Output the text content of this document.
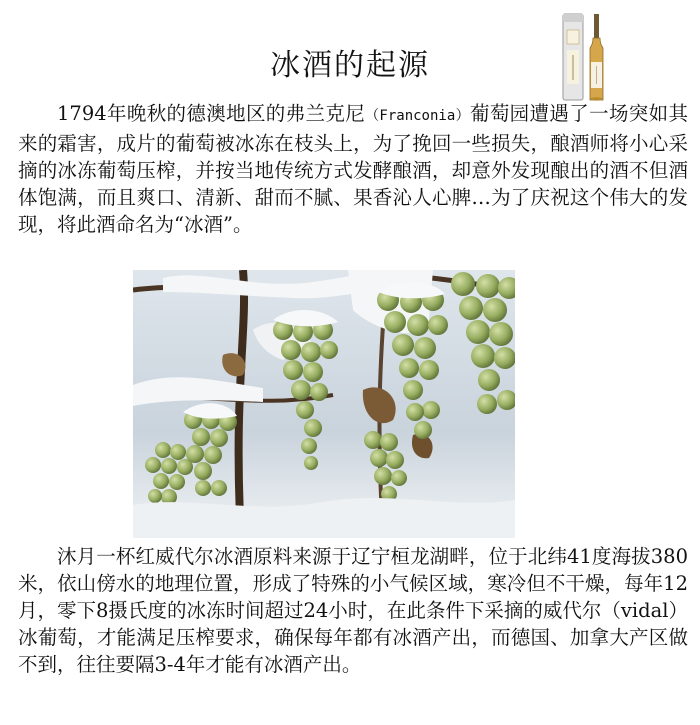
冰酒的起源

1794年晚秋的德澳地区的弗兰克尼（Franconia）葡萄园遭遇了一场突如其来的霜害，成片的葡萄被冰冻在枝头上，为了挽回一些损失，酿酒师将小心采摘的冰冻葡萄压榨，并按当地传统方式发酵酿酒，却意外发现酿出的酒不但酒体饱满，而且爽口、清新、甜而不腻、果香沁人心脾…为了庆祝这个伟大的发现，将此酒命名为“冰酒”。

沐月一杯红威代尔冰酒原料来源于辽宁桓龙湖畔，位于北纬41度海拔380米，依山傍水的地理位置，形成了特殊的小气候区域，寒冷但不干燥，每年12月，零下8摄氏度的冰冻时间超过24小时，在此条件下采摘的威代尔（vidal）冰葡萄，才能满足压榨要求，确保每年都有冰酒产出，而德国、加拿大产区做不到，往往要隔3-4年才能有冰酒产出。
